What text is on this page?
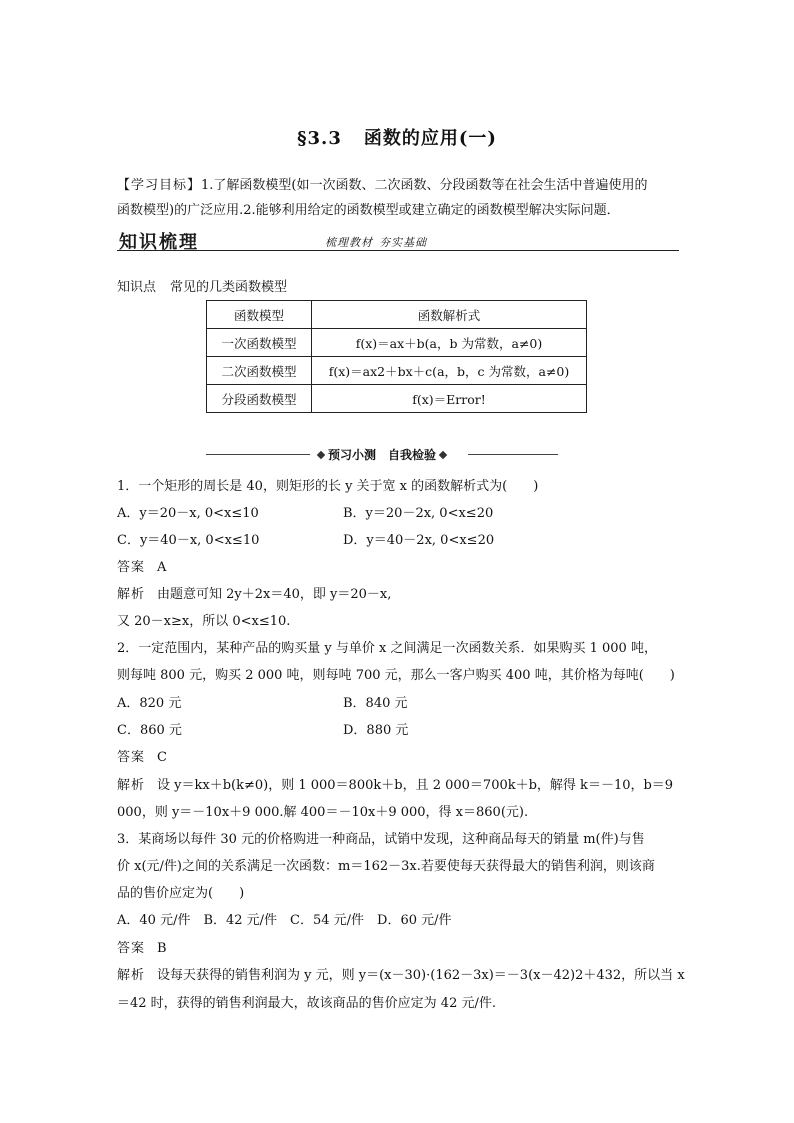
§3.3 函数的应用(一)
【学习目标】1.了解函数模型(如一次函数、二次函数、分段函数等在社会生活中普遍使用的
函数模型)的广泛应用.2.能够利用给定的函数模型或建立确定的函数模型解决实际问题．
知识梳理	梳理教材 夯实基础
知识点 常见的几类函数模型
函数模型	函数解析式
一次函数模型	f(x)＝ax＋b(a，b 为常数，a≠0)
二次函数模型	f(x)＝ax2＋bx＋c(a，b，c 为常数，a≠0)
分段函数模型	f(x)＝Error!
预习小测　自我检验
1．一个矩形的周长是 40，则矩形的长 y 关于宽 x 的函数解析式为(　　)
A．y＝20－x, 0<x≤10	B．y＝20－2x, 0<x≤20
C．y＝40－x, 0<x≤10	D．y＝40－2x, 0<x≤20
答案 A
解析 由题意可知 2y＋2x＝40，即 y＝20－x,
又 20－x≥x，所以 0<x≤10.
2．一定范围内，某种产品的购买量 y 与单价 x 之间满足一次函数关系．如果购买 1 000 吨，
则每吨 800 元，购买 2 000 吨，则每吨 700 元，那么一客户购买 400 吨，其价格为每吨(　　)
A．820 元	B．840 元
C．860 元	D．880 元
答案 C
解析 设 y＝kx＋b(k≠0)，则 1 000＝800k＋b，且 2 000＝700k＋b，解得 k＝－10，b＝9
000，则 y＝－10x＋9 000.解 400＝－10x＋9 000，得 x＝860(元).
3．某商场以每件 30 元的价格购进一种商品，试销中发现，这种商品每天的销量 m(件)与售
价 x(元/件)之间的关系满足一次函数：m＝162－3x.若要使每天获得最大的销售利润，则该商
品的售价应定为(　　)
A．40 元/件　B．42 元/件　C．54 元/件　D．60 元/件
答案 B
解析 设每天获得的销售利润为 y 元，则 y＝(x－30)·(162－3x)＝－3(x－42)2＋432，所以当 x
＝42 时，获得的销售利润最大，故该商品的售价应定为 42 元/件.
